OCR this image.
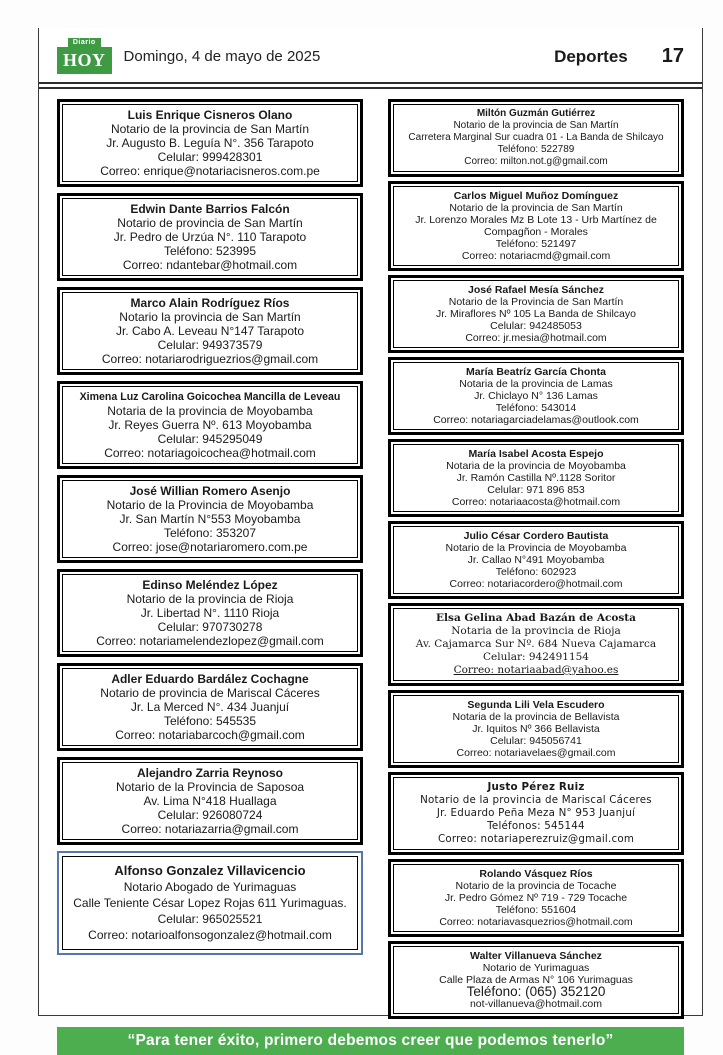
Diario
HOY	Domingo, 4 de mayo de 2025	Deportes 17
Luis Enrique Cisneros Olano
Notario de la provincia de San Martín
Jr. Augusto B. Leguía N°. 356 Tarapoto
Celular: 999428301
Correo: enrique@notariacisneros.com.pe
Edwin Dante Barrios Falcón
Notario de provincia de San Martín
Jr. Pedro de Urzúa N°. 110 Tarapoto
Teléfono: 523995
Correo: ndantebar@hotmail.com
Marco Alain Rodríguez Ríos
Notario la provincia de San Martín
Jr. Cabo A. Leveau N°147 Tarapoto
Celular: 949373579
Correo: notariarodriguezrios@gmail.com
Ximena Luz Carolina Goicochea Mancilla de Leveau
Notaria de la provincia de Moyobamba
Jr. Reyes Guerra Nº. 613 Moyobamba
Celular: 945295049
Correo: notariagoicochea@hotmail.com
José Willian Romero Asenjo
Notario de la Provincia de Moyobamba
Jr. San Martín N°553 Moyobamba
Teléfono: 353207
Correo: jose@notariaromero.com.pe
Edinso Meléndez López
Notario de la provincia de Rioja
Jr. Libertad N°. 1110 Rioja
Celular: 970730278
Correo: notariamelendezlopez@gmail.com
Adler Eduardo Bardález Cochagne
Notario de provincia de Mariscal Cáceres
Jr. La Merced N°. 434 Juanjuí
Teléfono: 545535
Correo: notariabarcoch@gmail.com
Alejandro Zarria Reynoso
Notario de la Provincia de Saposoa
Av. Lima N°418 Huallaga
Celular: 926080724
Correo: notariazarria@gmail.com
Alfonso Gonzalez Villavicencio
Notario Abogado de Yurimaguas
Calle Teniente César Lopez Rojas 611 Yurimaguas.
Celular: 965025521
Correo: notarioalfonsogonzalez@hotmail.com
Miltón Guzmán Gutiérrez
Notario de la provincia de San Martín
Carretera Marginal Sur cuadra 01 - La Banda de Shilcayo
Teléfono: 522789
Correo: milton.not.g@gmail.com
Carlos Miguel Muñoz Domínguez
Notario de la provincia de San Martín
Jr. Lorenzo Morales Mz B Lote 13 - Urb Martínez de Compagñon - Morales
Teléfono: 521497
Correo: notariacmd@gmail.com
José Rafael Mesía Sánchez
Notario de la Provincia de San Martín
Jr. Miraflores Nº 105 La Banda de Shilcayo
Celular: 942485053
Correo: jr.mesia@hotmail.com
María Beatríz García Chonta
Notaria de la provincia de Lamas
Jr. Chiclayo N° 136 Lamas
Teléfono: 543014
Correo: notariagarciadelamas@outlook.com
María Isabel Acosta Espejo
Notaria de la provincia de Moyobamba
Jr. Ramón Castilla Nº.1128 Soritor
Celular: 971 896 853
Correo: notariaacosta@hotmail.com
Julio César Cordero Bautista
Notario de la Provincia de Moyobamba
Jr. Callao N°491 Moyobamba
Teléfono: 602923
Correo: notariacordero@hotmail.com
Elsa Gelina Abad Bazán de Acosta
Notaria de la provincia de Rioja
Av. Cajamarca Sur Nº. 684 Nueva Cajamarca
Celular: 942491154
Correo: notariaabad@yahoo.es
Segunda Lili Vela Escudero
Notaria de la provincia de Bellavista
Jr. Iquitos Nº 366 Bellavista
Celular: 945056741
Correo: notariavelaes@gmail.com
Justo Pérez Ruiz
Notario de la provincia de Mariscal Cáceres
Jr. Eduardo Peña Meza N° 953 Juanjuí
Teléfonos: 545144
Correo: notariaperezruiz@gmail.com
Rolando Vásquez Ríos
Notario de la provincia de Tocache
Jr. Pedro Gómez Nº 719 - 729 Tocache
Teléfono: 551604
Correo: notariavasquezrios@hotmail.com
Walter Villanueva Sánchez
Notario de Yurimaguas
Calle Plaza de Armas N° 106 Yurimaguas
Teléfono: (065) 352120
not-villanueva@hotmail.com
“Para tener éxito, primero debemos creer que podemos tenerlo”
